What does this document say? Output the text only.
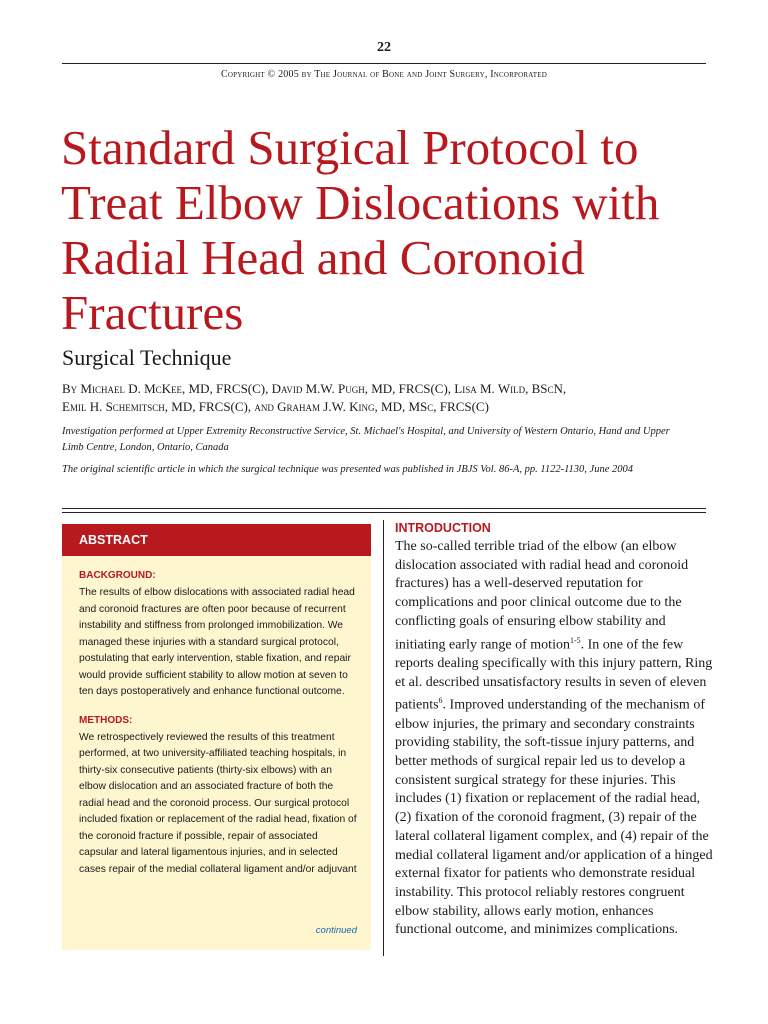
22
Copyright © 2005 by The Journal of Bone and Joint Surgery, Incorporated
Standard Surgical Protocol to Treat Elbow Dislocations with Radial Head and Coronoid Fractures
Surgical Technique
By Michael D. McKee, MD, FRCS(C), David M.W. Pugh, MD, FRCS(C), Lisa M. Wild, BScN,
Emil H. Schemitsch, MD, FRCS(C), and Graham J.W. King, MD, MSc, FRCS(C)
Investigation performed at Upper Extremity Reconstructive Service, St. Michael's Hospital, and University of Western Ontario, Hand and Upper Limb Centre, London, Ontario, Canada
The original scientific article in which the surgical technique was presented was published in JBJS Vol. 86-A, pp. 1122-1130, June 2004
ABSTRACT
BACKGROUND:

The results of elbow dislocations with associated radial head and coronoid fractures are often poor because of recurrent instability and stiffness from prolonged immobilization. We managed these injuries with a standard surgical protocol, postulating that early intervention, stable fixation, and repair would provide sufficient stability to allow motion at seven to ten days postoperatively and enhance functional outcome.

METHODS:

We retrospectively reviewed the results of this treatment performed, at two university-affiliated teaching hospitals, in thirty-six consecutive patients (thirty-six elbows) with an elbow dislocation and an associated fracture of both the radial head and the coronoid process. Our surgical protocol included fixation or replacement of the radial head, fixation of the coronoid fracture if possible, repair of associated capsular and lateral ligamentous injuries, and in selected cases repair of the medial collateral ligament and/or adjuvant

continued
INTRODUCTION

The so-called terrible triad of the elbow (an elbow dislocation associated with radial head and coronoid fractures) has a well-deserved reputation for complications and poor clinical outcome due to the conflicting goals of ensuring elbow stability and initiating early range of motion$^{1-5}$. In one of the few reports dealing specifically with this injury pattern, Ring et al. described unsatisfactory results in seven of eleven patients$^6$. Improved understanding of the mechanism of elbow injuries, the primary and secondary constraints providing stability, the soft-tissue injury patterns, and better methods of surgical repair led us to develop a consistent surgical strategy for these injuries. This includes (1) fixation or replacement of the radial head, (2) fixation of the coronoid fragment, (3) repair of the lateral collateral ligament complex, and (4) repair of the medial collateral ligament and/or application of a hinged external fixator for patients who demonstrate residual instability. This protocol reliably restores congruent elbow stability, allows early motion, enhances functional outcome, and minimizes complications.
